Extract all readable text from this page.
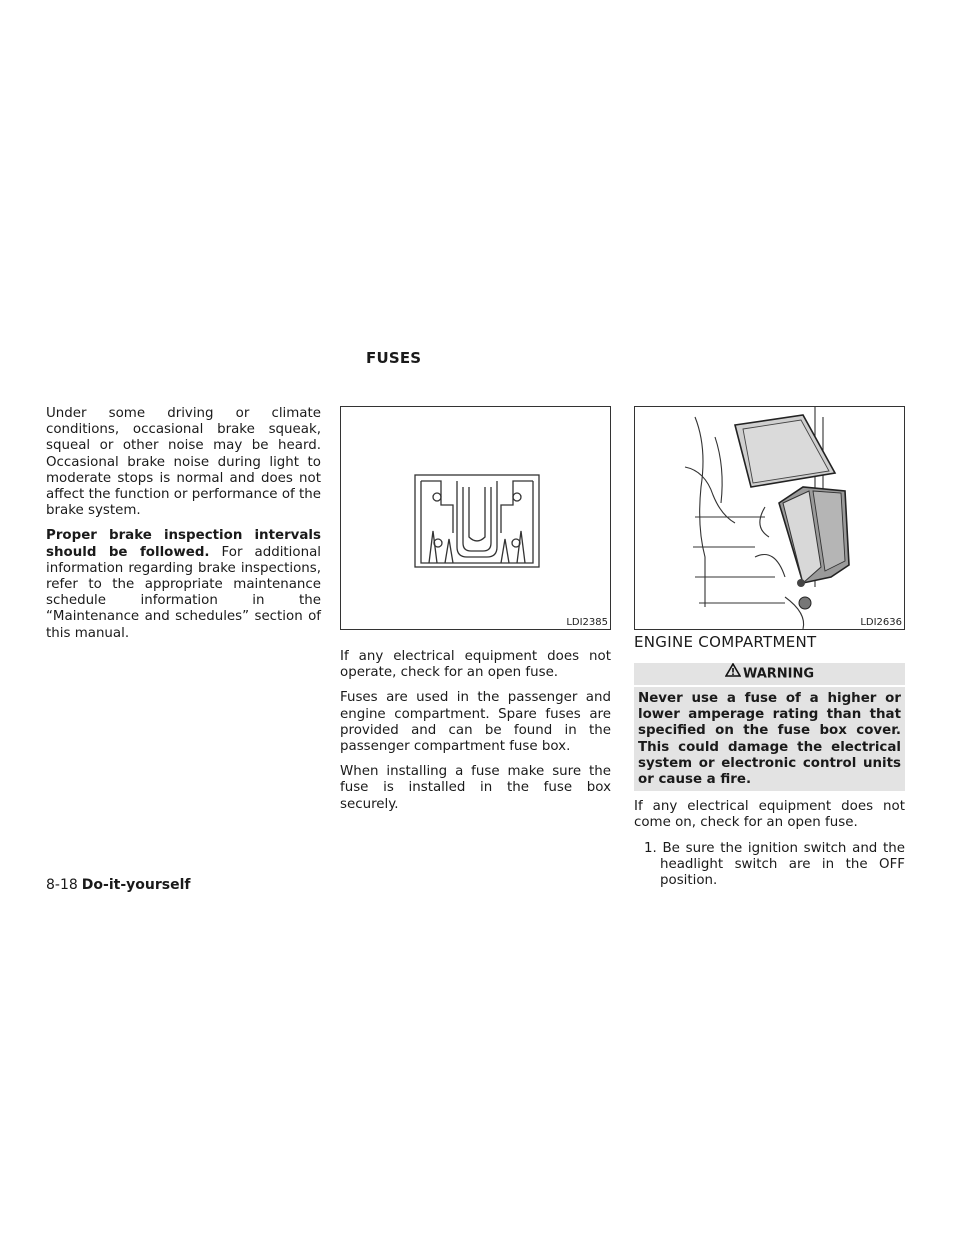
FUSES

Under some driving or climate conditions, occasional brake squeak, squeal or other noise may be heard. Occasional brake noise during light to moderate stops is normal and does not affect the function or performance of the brake system.

Proper brake inspection intervals should be followed. For additional information regarding brake inspections, refer to the appropriate maintenance schedule information in the “Maintenance and schedules” section of this manual.

LDI2385	LDI2636

If any electrical equipment does not operate, check for an open fuse.

Fuses are used in the passenger and engine compartment. Spare fuses are provided and can be found in the passenger compartment fuse box.

When installing a fuse make sure the fuse is installed in the fuse box securely.

ENGINE COMPARTMENT
WARNING
Never use a fuse of a higher or lower amperage rating than that specified on the fuse box cover. This could damage the electrical system or electronic control units or cause a fire.

If any electrical equipment does not come on, check for an open fuse.

1. Be sure the ignition switch and the headlight switch are in the OFF position.

8-18 Do-it-yourself
